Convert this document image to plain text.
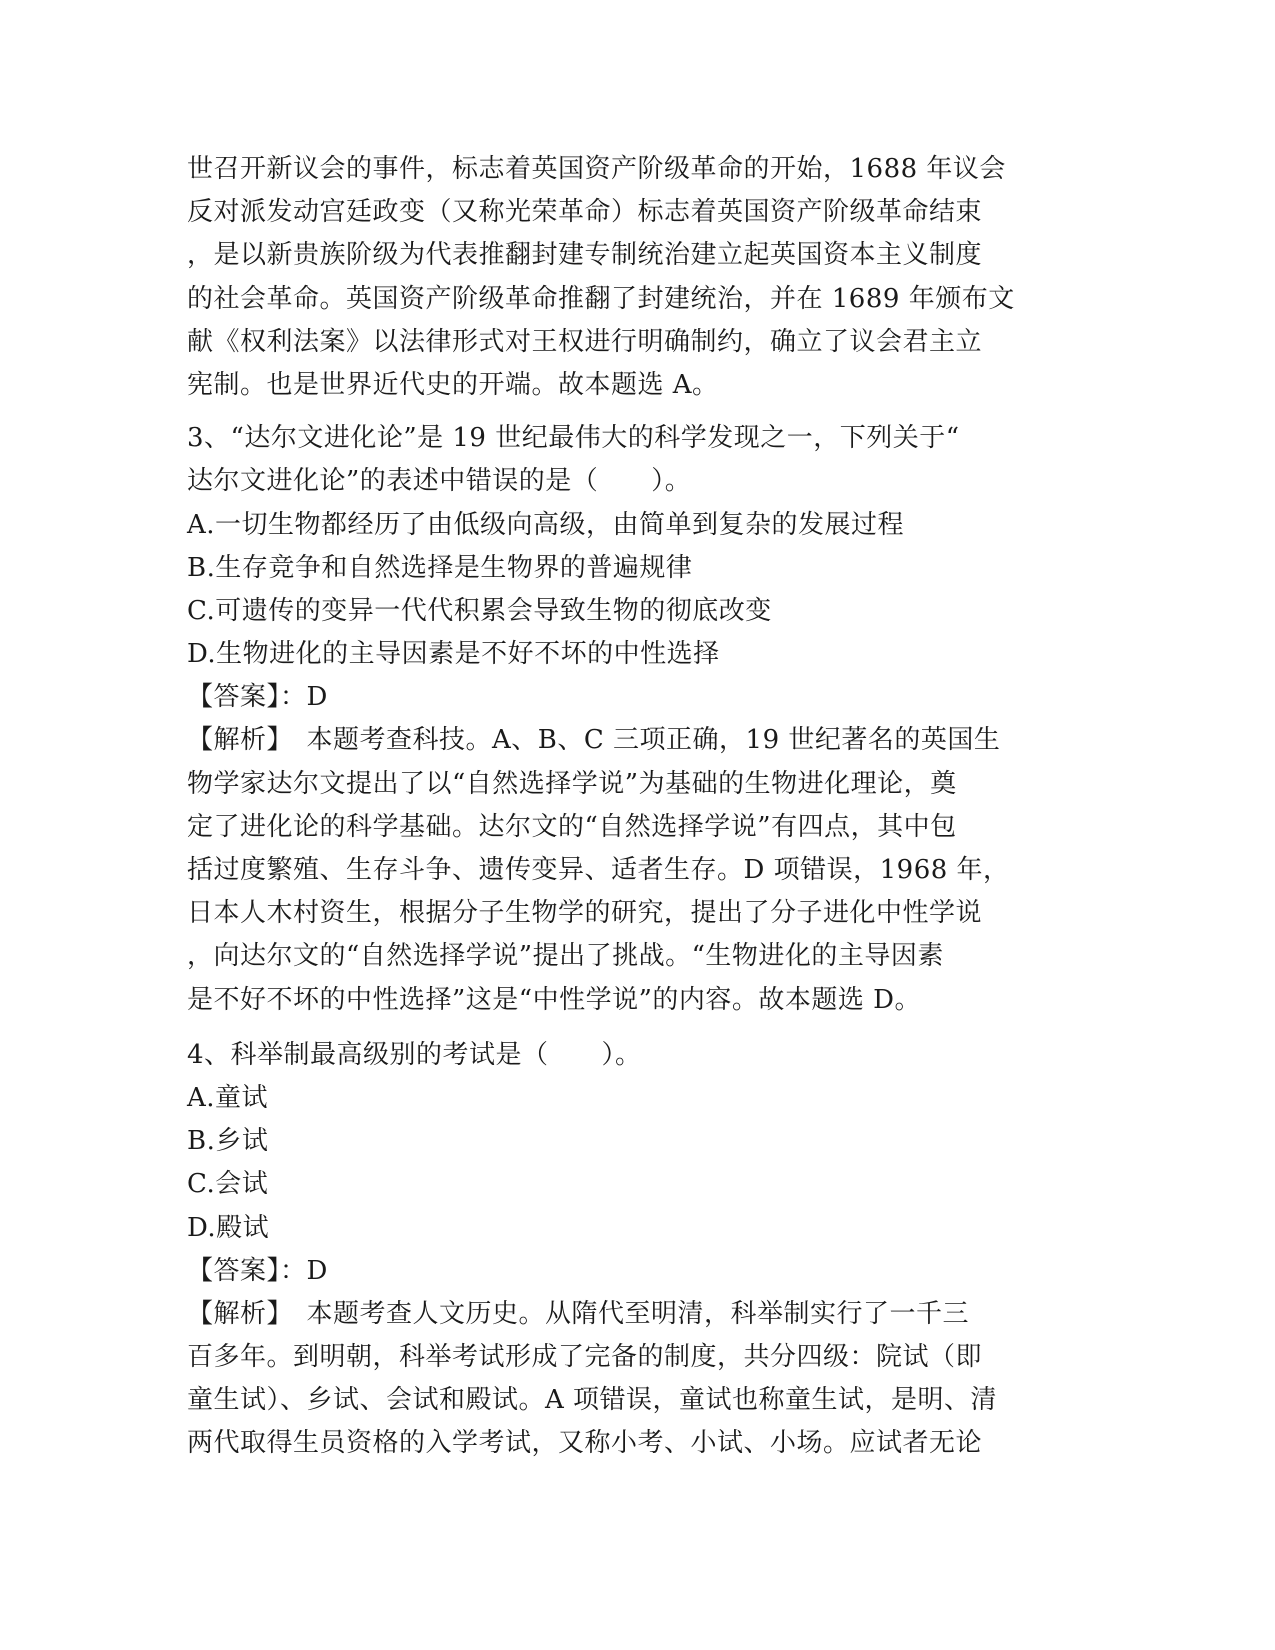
世召开新议会的事件，标志着英国资产阶级革命的开始，1688 年议会
反对派发动宫廷政变（又称光荣革命）标志着英国资产阶级革命结束
，是以新贵族阶级为代表推翻封建专制统治建立起英国资本主义制度
的社会革命。英国资产阶级革命推翻了封建统治，并在 1689 年颁布文
献《权利法案》以法律形式对王权进行明确制约，确立了议会君主立
宪制。也是世界近代史的开端。故本题选 A。
3、“达尔文进化论”是 19 世纪最伟大的科学发现之一，下列关于“
达尔文进化论”的表述中错误的是（　　）。
A.一切生物都经历了由低级向高级，由简单到复杂的发展过程
B.生存竞争和自然选择是生物界的普遍规律
C.可遗传的变异一代代积累会导致生物的彻底改变
D.生物进化的主导因素是不好不坏的中性选择
【答案】：D
【解析】　本题考查科技。A、B、C 三项正确，19 世纪著名的英国生
物学家达尔文提出了以“自然选择学说”为基础的生物进化理论，奠
定了进化论的科学基础。达尔文的“自然选择学说”有四点，其中包
括过度繁殖、生存斗争、遗传变异、适者生存。D 项错误，1968 年，
日本人木村资生，根据分子生物学的研究，提出了分子进化中性学说
，向达尔文的“自然选择学说”提出了挑战。“生物进化的主导因素
是不好不坏的中性选择”这是“中性学说”的内容。故本题选 D。
4、科举制最高级别的考试是（　　）。
A.童试
B.乡试
C.会试
D.殿试
【答案】：D
【解析】　本题考查人文历史。从隋代至明清，科举制实行了一千三
百多年。到明朝，科举考试形成了完备的制度，共分四级：院试（即
童生试）、乡试、会试和殿试。A 项错误，童试也称童生试，是明、清
两代取得生员资格的入学考试，又称小考、小试、小场。应试者无论
